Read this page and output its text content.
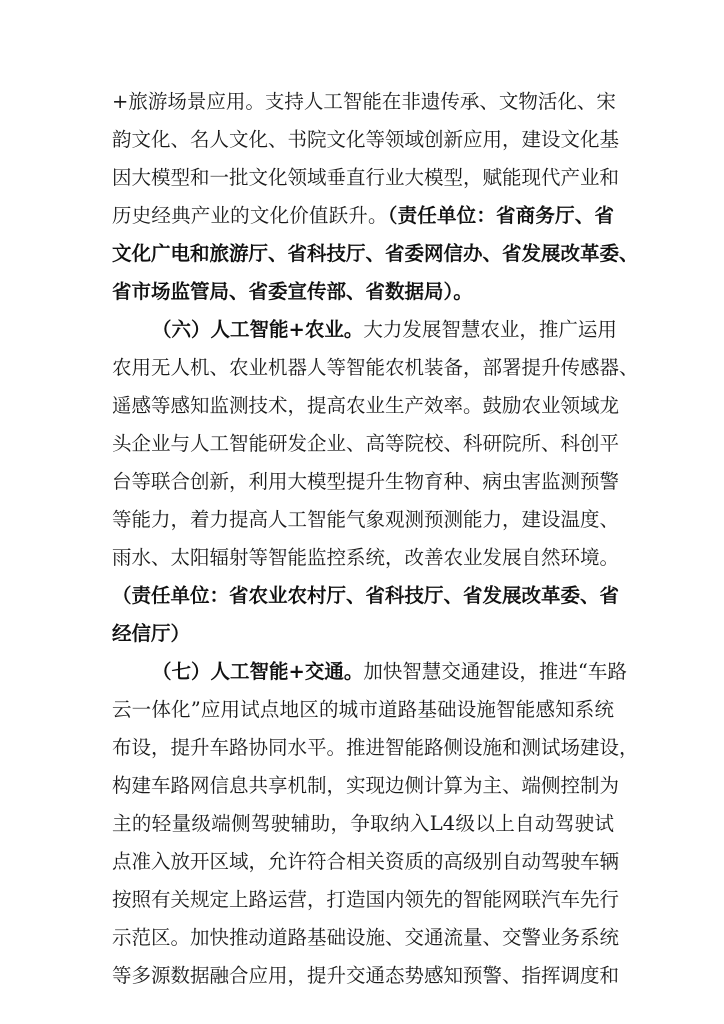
+旅游场景应用。支持人工智能在非遗传承、文物活化、宋
韵文化、名人文化、书院文化等领域创新应用，建设文化基
因大模型和一批文化领域垂直行业大模型，赋能现代产业和
历史经典产业的文化价值跃升。（责任单位：省商务厅、省
文化广电和旅游厅、省科技厅、省委网信办、省发展改革委、
省市场监管局、省委宣传部、省数据局）。
（六）人工智能+农业。大力发展智慧农业，推广运用
农用无人机、农业机器人等智能农机装备，部署提升传感器、
遥感等感知监测技术，提高农业生产效率。鼓励农业领域龙
头企业与人工智能研发企业、高等院校、科研院所、科创平
台等联合创新，利用大模型提升生物育种、病虫害监测预警
等能力，着力提高人工智能气象观测预测能力，建设温度、
雨水、太阳辐射等智能监控系统，改善农业发展自然环境。
（责任单位：省农业农村厅、省科技厅、省发展改革委、省
经信厅）
（七）人工智能+交通。加快智慧交通建设，推进“车路
云一体化”应用试点地区的城市道路基础设施智能感知系统
布设，提升车路协同水平。推进智能路侧设施和测试场建设，
构建车路网信息共享机制，实现边侧计算为主、端侧控制为
主的轻量级端侧驾驶辅助，争取纳入L4级以上自动驾驶试
点准入放开区域，允许符合相关资质的高级别自动驾驶车辆
按照有关规定上路运营，打造国内领先的智能网联汽车先行
示范区。加快推动道路基础设施、交通流量、交警业务系统
等多源数据融合应用，提升交通态势感知预警、指挥调度和
